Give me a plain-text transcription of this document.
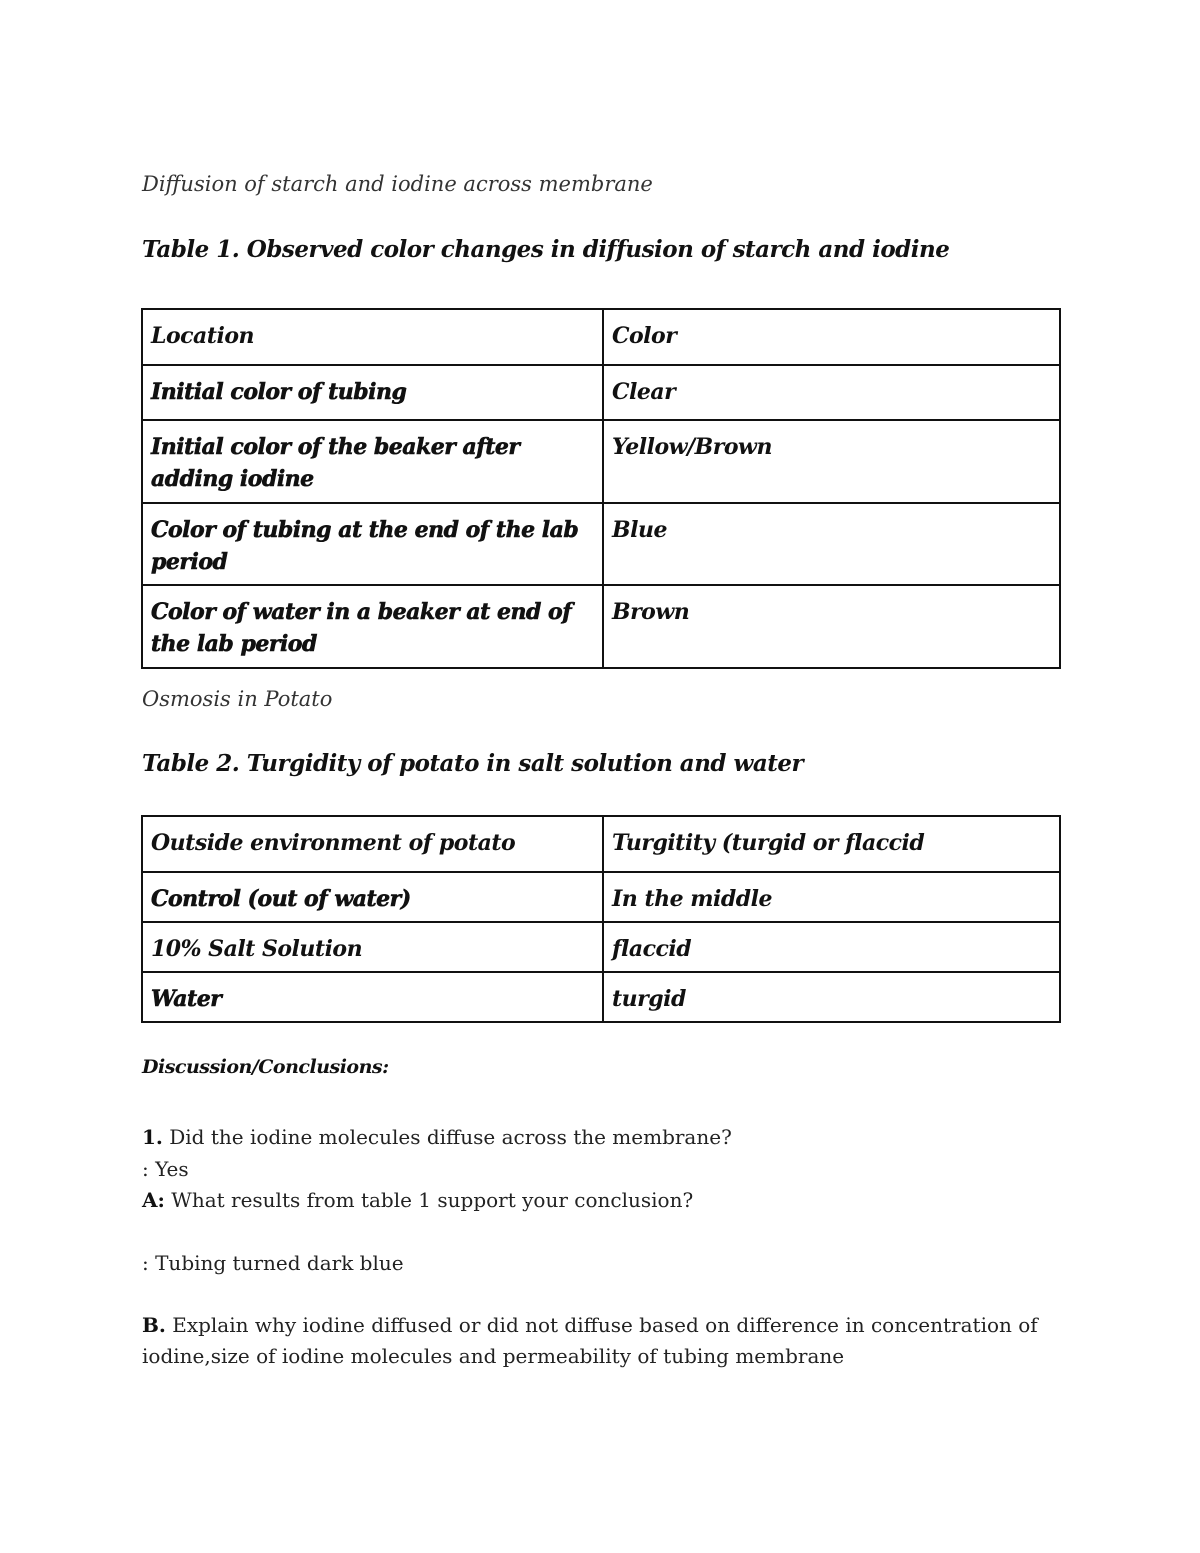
Diffusion of starch and iodine across membrane
Table 1. Observed color changes in diffusion of starch and iodine
Location	Color
Initial color of tubing	Clear
Initial color of the beaker after adding iodine	Yellow/Brown
Color of tubing at the end of the lab period	Blue
Color of water in a beaker at end of the lab period	Brown
Osmosis in Potato
Table 2. Turgidity of potato in salt solution and water
Outside environment of potato	Turgitity (turgid or flaccid
Control (out of water)	In the middle
10% Salt Solution	flaccid
Water	turgid
Discussion/Conclusions:
1. Did the iodine molecules diffuse across the membrane?
: Yes
A: What results from table 1 support your conclusion?
: Tubing turned dark blue
B. Explain why iodine diffused or did not diffuse based on difference in concentration of
iodine,size of iodine molecules and permeability of tubing membrane
